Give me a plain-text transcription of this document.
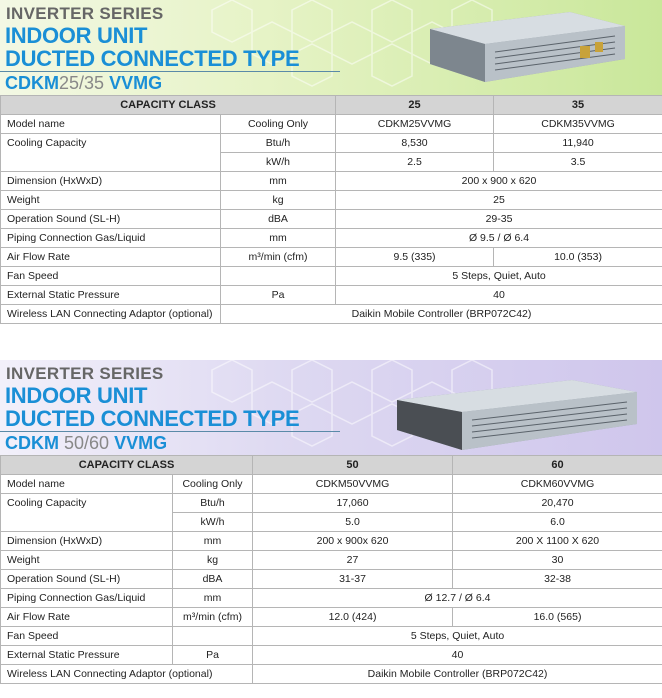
INVERTER SERIES
INDOOR UNIT
DUCTED CONNECTED TYPE
CDKM25/35 VVMG
CAPACITY CLASS		25	35
Model name	Cooling Only	CDKM25VVMG	CDKM35VVMG
Cooling Capacity	Btu/h	8,530	11,940
	kW/h	2.5	3.5
Dimension (HxWxD)	mm	200 x 900 x 620	
Weight	kg	25	
Operation Sound (SL-H)	dBA	29-35	
Piping Connection Gas/Liquid	mm	Ø 9.5 / Ø 6.4	
Air Flow Rate	m³/min (cfm)	9.5 (335)	10.0 (353)
Fan Speed		5 Steps, Quiet, Auto	
External Static Pressure	Pa	40	
Wireless LAN Connecting Adaptor (optional)	Daikin Mobile Controller (BRP072C42)		
INVERTER SERIES
INDOOR UNIT
DUCTED CONNECTED TYPE
CDKM 50/60 VVMG
CAPACITY CLASS		50	60
Model name	Cooling Only	CDKM50VVMG	CDKM60VVMG
Cooling Capacity	Btu/h	17,060	20,470
	kW/h	5.0	6.0
Dimension (HxWxD)	mm	200 x 900x 620	200 X 1100 X 620
Weight	kg	27	30
Operation Sound (SL-H)	dBA	31-37	32-38
Piping Connection Gas/Liquid	mm	Ø 12.7 / Ø 6.4	
Air Flow Rate	m³/min (cfm)	12.0 (424)	16.0 (565)
Fan Speed		5 Steps, Quiet, Auto	
External Static Pressure	Pa	40	
Wireless LAN Connecting Adaptor (optional)		Daikin Mobile Controller (BRP072C42)	
